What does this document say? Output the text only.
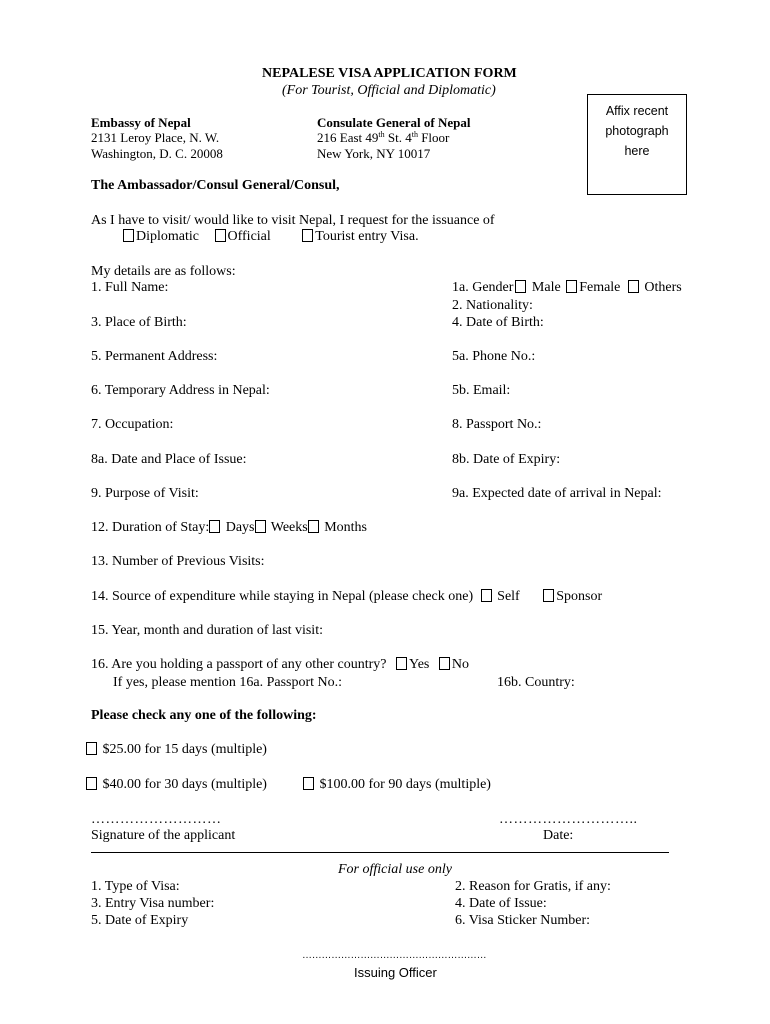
NEPALESE VISA APPLICATION FORM
(For Tourist, Official and Diplomatic)
Affix recent
photograph
here
Embassy of Nepal
2131 Leroy Place, N. W.
Washington, D. C. 20008
Consulate General of Nepal
216 East 49th St. 4th Floor
New York, NY 10017
The Ambassador/Consul General/Consul,
As I have to visit/ would like to visit Nepal, I request for the issuance of
Diplomatic Official	Tourist entry Visa.
My details are as follows:
1. Full Name:	1a. Gender Male Female Others
2. Nationality:
3. Place of Birth:	4. Date of Birth:
5. Permanent Address:	5a. Phone No.:
6. Temporary Address in Nepal:	5b. Email:
7. Occupation:	8. Passport No.:
8a. Date and Place of Issue:	8b. Date of Expiry:
9. Purpose of Visit:	9a. Expected date of arrival in Nepal:
12. Duration of Stay: Days Weeks Months
13. Number of Previous Visits:
14. Source of expenditure while staying in Nepal (please check one) Self	Sponsor
15. Year, month and duration of last visit:
16. Are you holding a passport of any other country? Yes No
If yes, please mention 16a. Passport No.:	16b. Country:
Please check any one of the following:
$25.00 for 15 days (multiple)
$40.00 for 30 days (multiple)	$100.00 for 90 days (multiple)
………………………
Signature of the applicant
………………………..
Date:
For official use only
1. Type of Visa:	2. Reason for Gratis, if any:
3. Entry Visa number:	4. Date of Issue:
5. Date of Expiry	6. Visa Sticker Number:
…………………………………………………
Issuing Officer
